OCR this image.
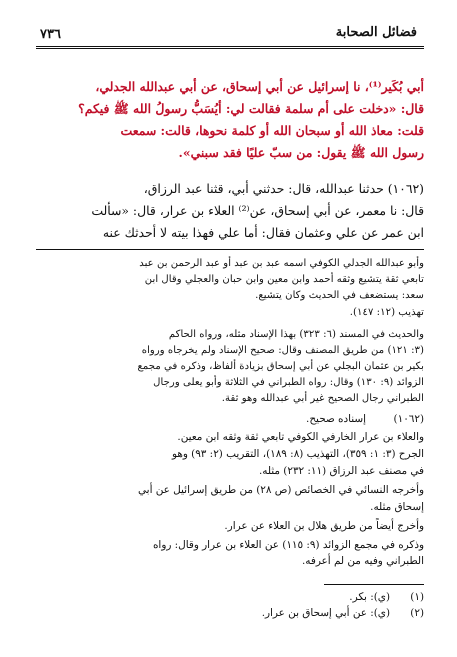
٧٣٦	فضائل الصحابة
أبي بُكَير⁽¹⁾، نا إسرائيل عن أبي إسحاق، عن أبي عبدالله الجدلي،
قال: «دخلت على أم سلمة فقالت لي: أيُسَبُّ رسولُ الله ﷺ فيكم؟
قلت: معاذ الله أو سبحان الله أو كلمة نحوها، قالت: سمعت
رسول الله ﷺ يقول: من سبّ عليًا فقد سبني».
(١٠٦٢) حدثنا عبدالله، قال: حدثني أبي، قثنا عبد الرزاق،
قال: نا معمر، عن أبي إسحاق، عن⁽²⁾ العلاء بن عرار، قال: «سألت
ابن عمر عن علي وعثمان فقال: أما علي فهذا بيته لا أحدثك عنه
وأبو عبدالله الجدلي الكوفي اسمه عبد بن عبد أو عبد الرحمن بن عبد
تابعي ثقة يتشيع وثقه أحمد وابن معين وابن حبان والعجلي وقال ابن
سعد: يستضعف في الحديث وكان يتشيع.
تهذيب (١٢: ١٤٧).
والحديث في المسند (٦: ٣٢٣) بهذا الإسناد مثله، ورواه الحاكم
(٣: ١٢١) من طريق المصنف وقال: صحيح الإسناد ولم يخرجاه ورواه
بكير بن عثمان البجلي عن أبي إسحاق بزيادة ألفاظ، وذكره في مجمع
الزوائد (٩: ١٣٠) وقال: رواه الطبراني في الثلاثة وأبو يعلى ورجال
الطبراني رجال الصحيح غير أبي عبدالله وهو ثقة.
(١٠٦٢)
إسناده صحيح.
والعلاء بن عرار الخارفي الكوفي تابعي ثقة وثقه ابن معين.
الجرح (٣: ١: ٣٥٩)، التهذيب (٨: ١٨٩)، التقريب (٢: ٩٣) وهو
في مصنف عبد الرزاق (١١: ٢٣٢) مثله.
وأخرجه النسائي في الخصائص (ص ٢٨) من طريق إسرائيل عن أبي
إسحاق مثله.
وأخرج أيضاً من طريق هلال بن العلاء عن عرار.
وذكره في مجمع الزوائد (٩: ١١٥) عن العلاء بن عرار وقال: رواه
الطبراني وفيه من لم أعرفه.
(١)
(ي): بكر.
(٢)
(ي): عن أبي إسحاق بن عرار.
